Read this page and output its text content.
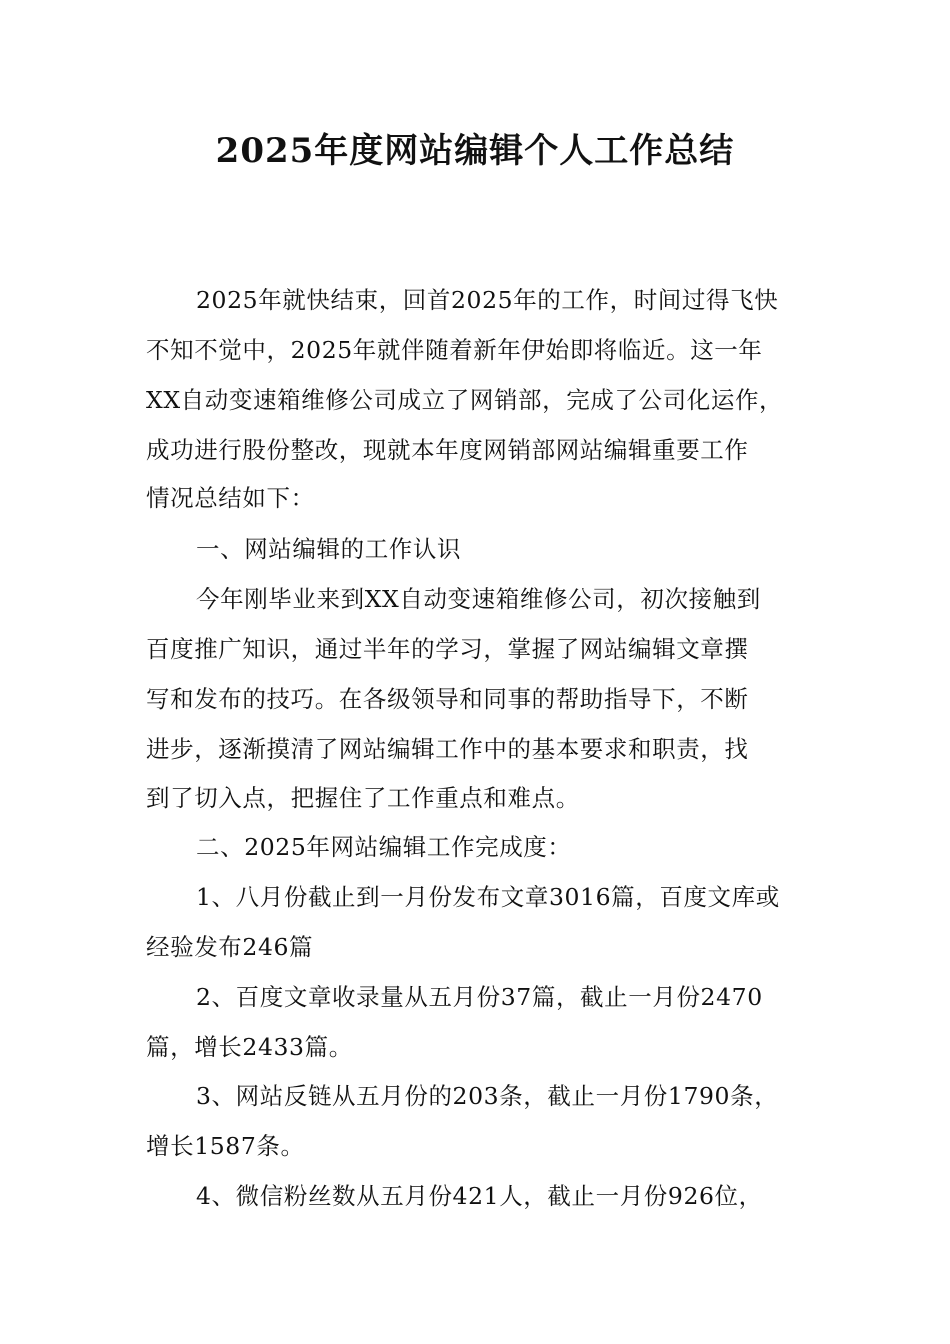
2025年度网站编辑个人工作总结
2025年就快结束，回首2025年的工作，时间过得飞快
不知不觉中，2025年就伴随着新年伊始即将临近。这一年
XX自动变速箱维修公司成立了网销部，完成了公司化运作，
成功进行股份整改，现就本年度网销部网站编辑重要工作
情况总结如下：
一、网站编辑的工作认识
今年刚毕业来到XX自动变速箱维修公司，初次接触到
百度推广知识，通过半年的学习，掌握了网站编辑文章撰
写和发布的技巧。在各级领导和同事的帮助指导下，不断
进步，逐渐摸清了网站编辑工作中的基本要求和职责，找
到了切入点，把握住了工作重点和难点。
二、2025年网站编辑工作完成度：
1、八月份截止到一月份发布文章3016篇，百度文库或
经验发布246篇
2、百度文章收录量从五月份37篇，截止一月份2470
篇，增长2433篇。
3、网站反链从五月份的203条，截止一月份1790条，
增长1587条。
4、微信粉丝数从五月份421人，截止一月份926位，
